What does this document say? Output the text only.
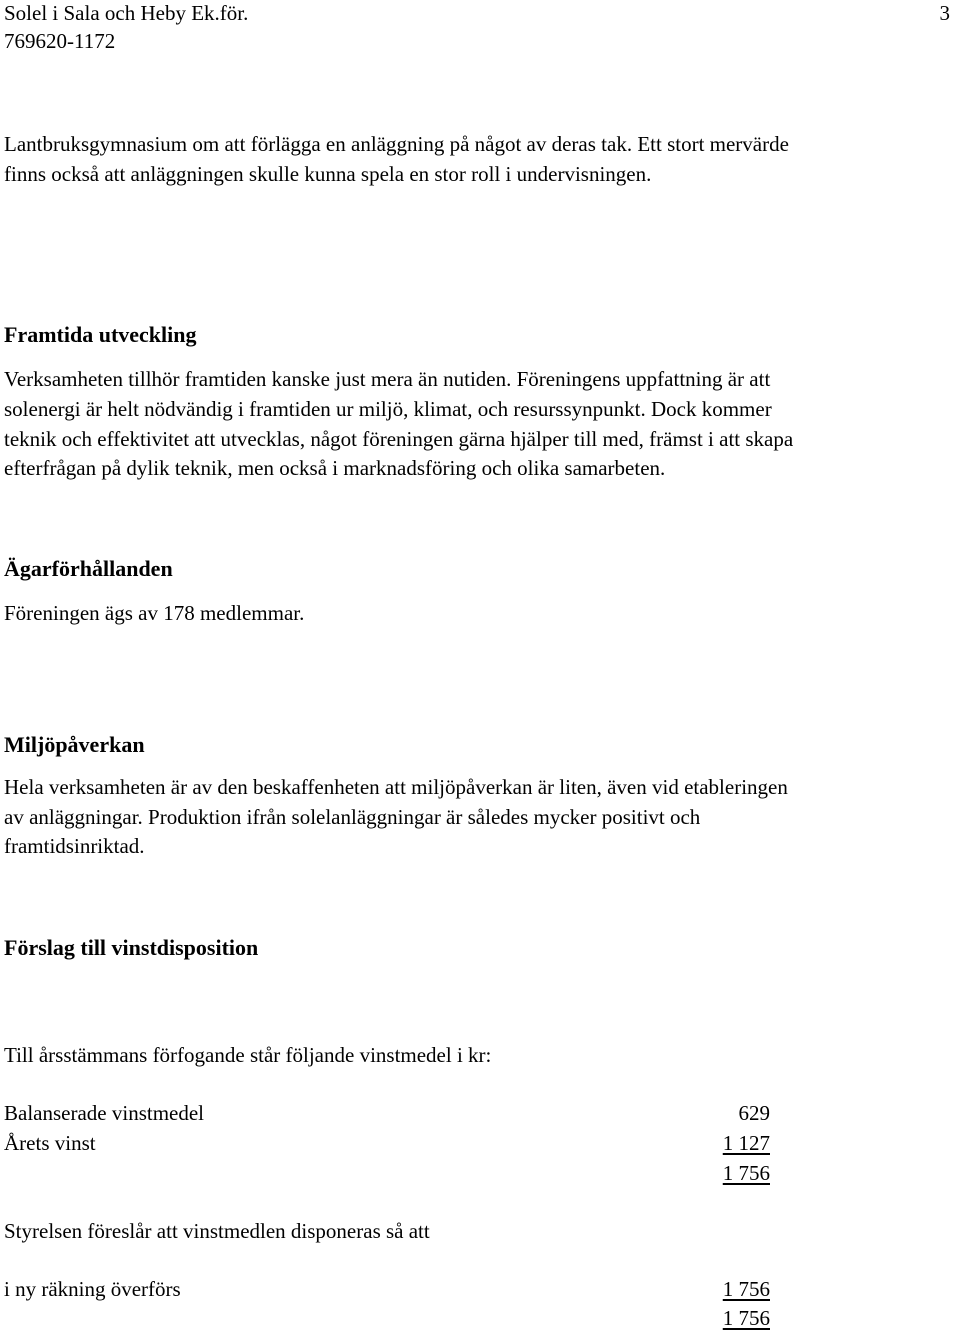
Solel i Sala och Heby Ek.för.	3
769620-1172
Lantbruksgymnasium om att förlägga en anläggning på något av deras tak. Ett stort mervärde
finns också att anläggningen skulle kunna spela en stor roll i undervisningen.
Framtida utveckling
Verksamheten tillhör framtiden kanske just mera än nutiden. Föreningens uppfattning är att
solenergi är helt nödvändig i framtiden ur miljö, klimat, och resurssynpunkt. Dock kommer
teknik och effektivitet att utvecklas, något föreningen gärna hjälper till med, främst i att skapa
efterfrågan på dylik teknik, men också i marknadsföring och olika samarbeten.
Ägarförhållanden
Föreningen ägs av 178 medlemmar.
Miljöpåverkan
Hela verksamheten är av den beskaffenheten att miljöpåverkan är liten, även vid etableringen
av anläggningar. Produktion ifrån solelanläggningar är således mycker positivt och
framtidsinriktad.
Förslag till vinstdisposition
Till årsstämmans förfogande står följande vinstmedel i kr:
Balanserade vinstmedel	629
Årets vinst	1 127
1 756
Styrelsen föreslår att vinstmedlen disponeras så att
i ny räkning överförs	1 756
1 756
